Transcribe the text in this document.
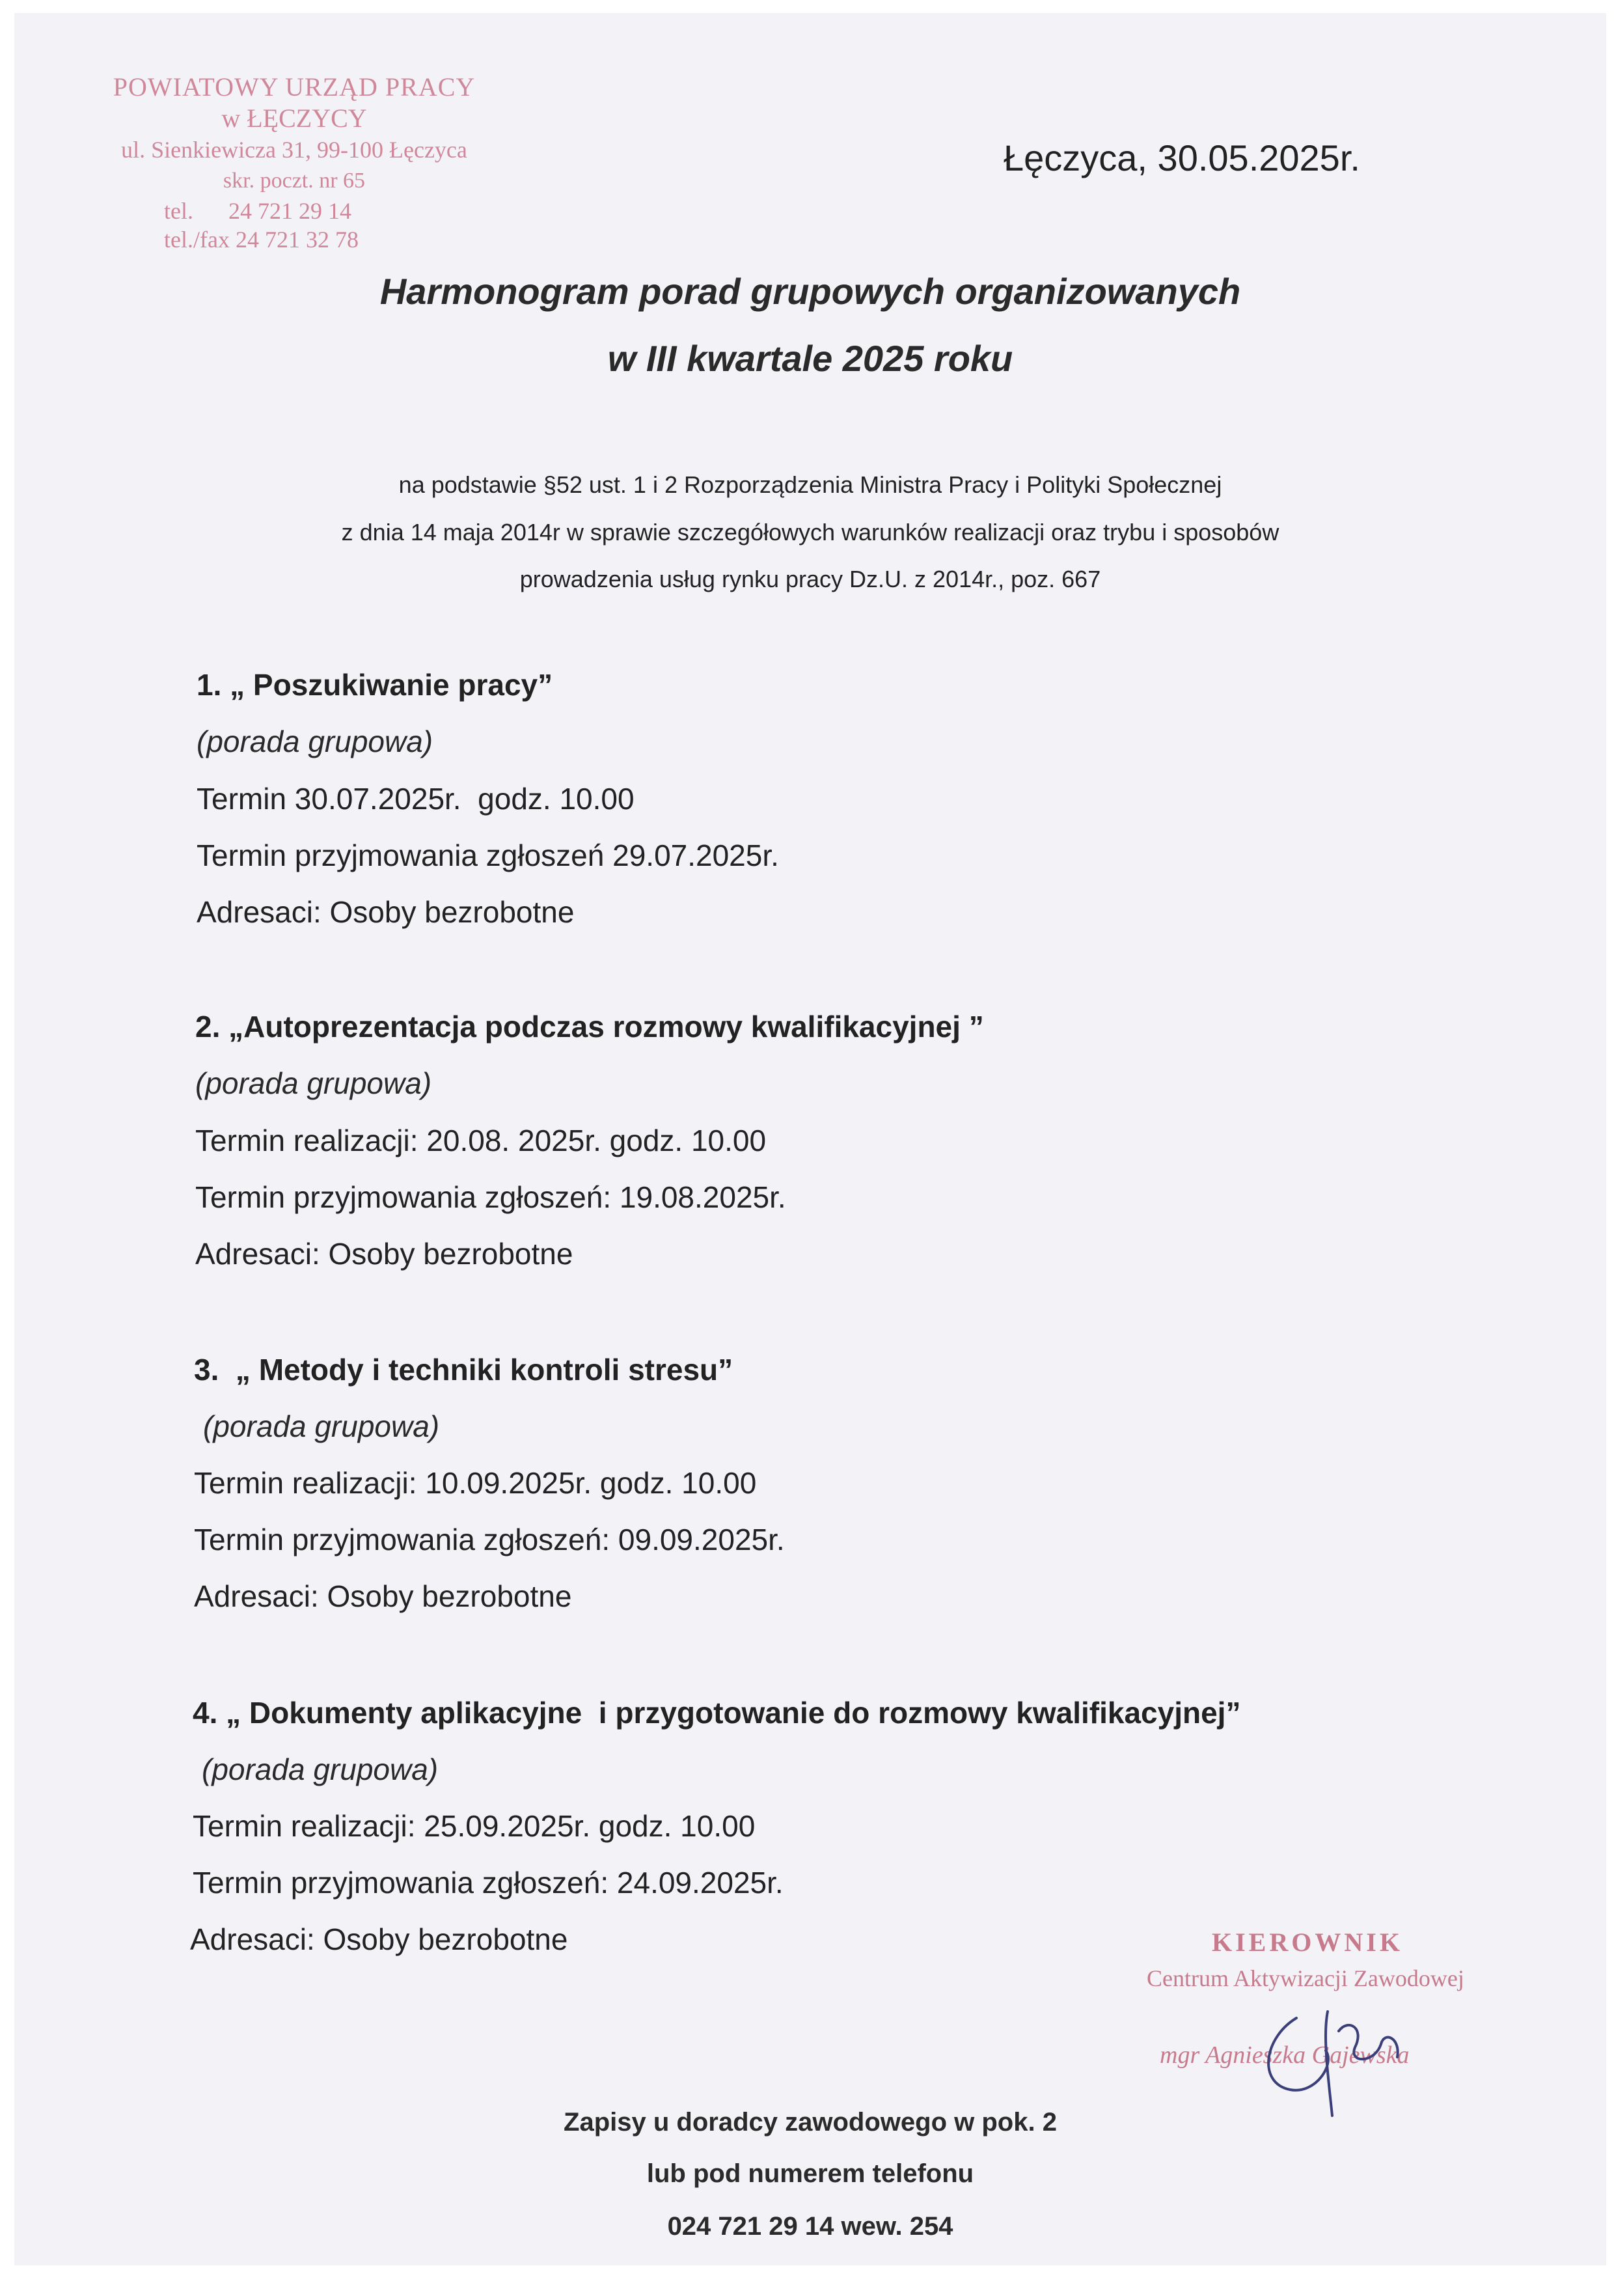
POWIATOWY URZĄD PRACY
w ŁĘCZYCY
ul. Sienkiewicza 31, 99-100 Łęczyca
skr. poczt. nr 65
tel.      24 721 29 14
tel./fax 24 721 32 78
Łęczyca, 30.05.2025r.
Harmonogram porad grupowych organizowanych
w III kwartale 2025 roku
na podstawie §52 ust. 1 i 2 Rozporządzenia Ministra Pracy i Polityki Społecznej
z dnia 14 maja 2014r w sprawie szczegółowych warunków realizacji oraz trybu i sposobów
prowadzenia usług rynku pracy Dz.U. z 2014r., poz. 667
1. „ Poszukiwanie pracy”
(porada grupowa)
Termin 30.07.2025r.  godz. 10.00
Termin przyjmowania zgłoszeń 29.07.2025r.
Adresaci: Osoby bezrobotne
2. „Autoprezentacja podczas rozmowy kwalifikacyjnej ”
(porada grupowa)
Termin realizacji: 20.08. 2025r. godz. 10.00
Termin przyjmowania zgłoszeń: 19.08.2025r.
Adresaci: Osoby bezrobotne
3.  „ Metody i techniki kontroli stresu”
(porada grupowa)
Termin realizacji: 10.09.2025r. godz. 10.00
Termin przyjmowania zgłoszeń: 09.09.2025r.
Adresaci: Osoby bezrobotne
4. „ Dokumenty aplikacyjne  i przygotowanie do rozmowy kwalifikacyjnej”
(porada grupowa)
Termin realizacji: 25.09.2025r. godz. 10.00
Termin przyjmowania zgłoszeń: 24.09.2025r.
Adresaci: Osoby bezrobotne	KIEROWNIK
Centrum Aktywizacji Zawodowej
mgr Agnieszka Gajewska
Zapisy u doradcy zawodowego w pok. 2
lub pod numerem telefonu
024 721 29 14 wew. 254
